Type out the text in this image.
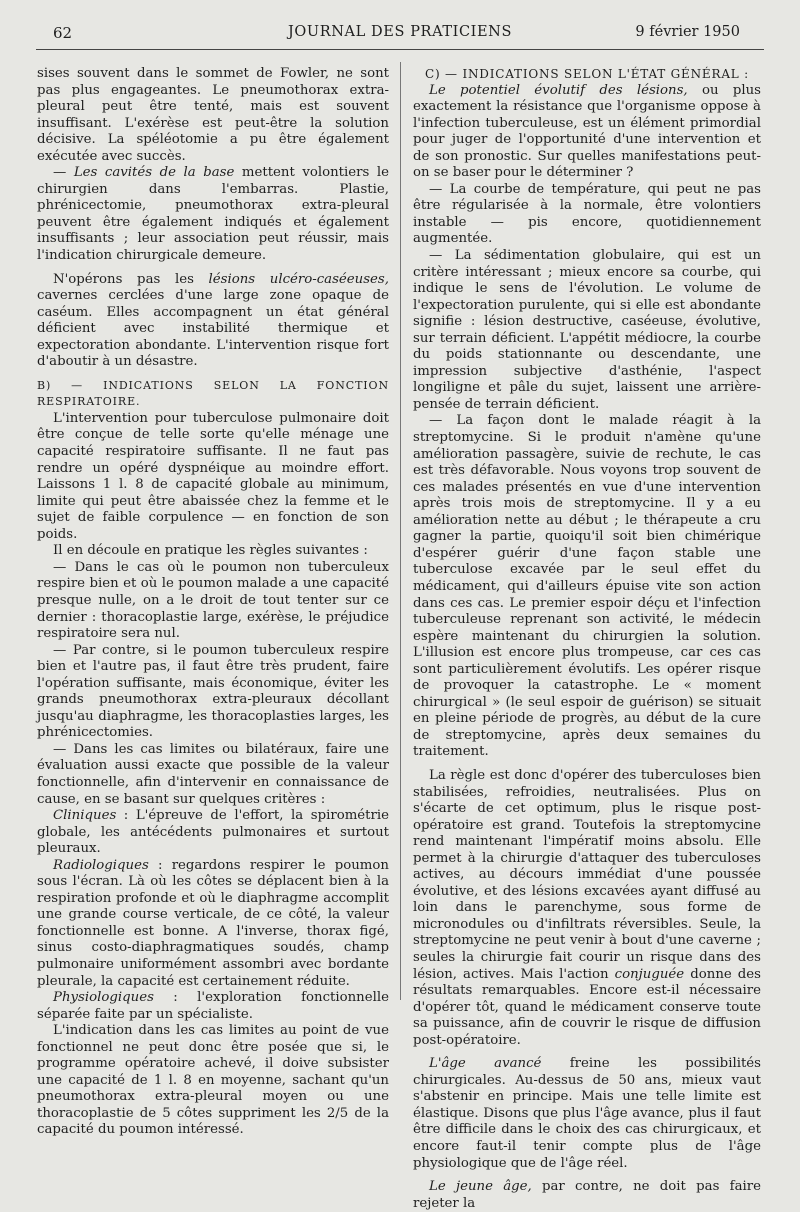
62	JOURNAL DES PRATICIENS	9 février 1950

sises souvent dans le sommet de Fowler, ne sont pas plus engageantes. Le pneumothorax extra-pleural peut être tenté, mais est souvent insuffisant. L'exérèse est peut-être la solution décisive. La spéléotomie a pu être également exécutée avec succès.

— Les cavités de la base mettent volontiers le chirurgien dans l'embarras. Plastie, phrénicectomie, pneumothorax extra-pleural peuvent être également indiqués et également insuffisants ; leur association peut réussir, mais l'indication chirurgicale demeure.

N'opérons pas les lésions ulcéro-caséeuses, cavernes cerclées d'une large zone opaque de caséum. Elles accompagnent un état général déficient avec instabilité thermique et expectoration abondante. L'intervention risque fort d'aboutir à un désastre.

B) — INDICATIONS SELON LA FONCTION RESPIRATOIRE.

L'intervention pour tuberculose pulmonaire doit être conçue de telle sorte qu'elle ménage une capacité respiratoire suffisante. Il ne faut pas rendre un opéré dyspnéique au moindre effort. Laissons 1 l. 8 de capacité globale au minimum, limite qui peut être abaissée chez la femme et le sujet de faible corpulence — en fonction de son poids.

Il en découle en pratique les règles suivantes :

— Dans le cas où le poumon non tuberculeux respire bien et où le poumon malade a une capacité presque nulle, on a le droit de tout tenter sur ce dernier : thoracoplastie large, exérèse, le préjudice respiratoire sera nul.

— Par contre, si le poumon tuberculeux respire bien et l'autre pas, il faut être très prudent, faire l'opération suffisante, mais économique, éviter les grands pneumothorax extra-pleuraux décollant jusqu'au diaphragme, les thoracoplasties larges, les phrénicectomies.

— Dans les cas limites ou bilatéraux, faire une évaluation aussi exacte que possible de la valeur fonctionnelle, afin d'intervenir en connaissance de cause, en se basant sur quelques critères :

Cliniques : L'épreuve de l'effort, la spirométrie globale, les antécédents pulmonaires et surtout pleuraux.

Radiologiques : regardons respirer le poumon sous l'écran. Là où les côtes se déplacent bien à la respiration profonde et où le diaphragme accomplit une grande course verticale, de ce côté, la valeur fonctionnelle est bonne. A l'inverse, thorax figé, sinus costo-diaphragmatiques soudés, champ pulmonaire uniformément assombri avec bordante pleurale, la capacité est certainement réduite.

Physiologiques : l'exploration fonctionnelle séparée faite par un spécialiste.

L'indication dans les cas limites au point de vue fonctionnel ne peut donc être posée que si, le programme opératoire achevé, il doive subsister une capacité de 1 l. 8 en moyenne, sachant qu'un pneumothorax extra-pleural moyen ou une thoracoplastie de 5 côtes suppriment les 2/5 de la capacité du poumon intéressé.

C) — INDICATIONS SELON L'ÉTAT GÉNÉRAL :

Le potentiel évolutif des lésions, ou plus exactement la résistance que l'organisme oppose à l'infection tuberculeuse, est un élément primordial pour juger de l'opportunité d'une intervention et de son pronostic. Sur quelles manifestations peut-on se baser pour le déterminer ?

— La courbe de température, qui peut ne pas être régularisée à la normale, être volontiers instable — pis encore, quotidiennement augmentée.

— La sédimentation globulaire, qui est un critère intéressant ; mieux encore sa courbe, qui indique le sens de l'évolution. Le volume de l'expectoration purulente, qui si elle est abondante signifie : lésion destructive, caséeuse, évolutive, sur terrain déficient. L'appétit médiocre, la courbe du poids stationnante ou descendante, une impression subjective d'asthénie, l'aspect longiligne et pâle du sujet, laissent une arrière-pensée de terrain déficient.

— La façon dont le malade réagit à la streptomycine. Si le produit n'amène qu'une amélioration passagère, suivie de rechute, le cas est très défavorable. Nous voyons trop souvent de ces malades présentés en vue d'une intervention après trois mois de streptomycine. Il y a eu amélioration nette au début ; le thérapeute a cru gagner la partie, quoiqu'il soit bien chimérique d'espérer guérir d'une façon stable une tuberculose excavée par le seul effet du médicament, qui d'ailleurs épuise vite son action dans ces cas. Le premier espoir déçu et l'infection tuberculeuse reprenant son activité, le médecin espère maintenant du chirurgien la solution. L'illusion est encore plus trompeuse, car ces cas sont particulièrement évolutifs. Les opérer risque de provoquer la catastrophe. Le « moment chirurgical » (le seul espoir de guérison) se situait en pleine période de progrès, au début de la cure de streptomycine, après deux semaines du traitement.

La règle est donc d'opérer des tuberculoses bien stabilisées, refroidies, neutralisées. Plus on s'écarte de cet optimum, plus le risque post-opératoire est grand. Toutefois la streptomycine rend maintenant l'impératif moins absolu. Elle permet à la chirurgie d'attaquer des tuberculoses actives, au décours immédiat d'une poussée évolutive, et des lésions excavées ayant diffusé au loin dans le parenchyme, sous forme de micronodules ou d'infiltrats réversibles. Seule, la streptomycine ne peut venir à bout d'une caverne ; seules la chirurgie fait courir un risque dans des lésion, actives. Mais l'action conjuguée donne des résultats remarquables. Encore est-il nécessaire d'opérer tôt, quand le médicament conserve toute sa puissance, afin de couvrir le risque de diffusion post-opératoire.

L'âge avancé freine les possibilités chirurgicales. Au-dessus de 50 ans, mieux vaut s'abstenir en principe. Mais une telle limite est élastique. Disons que plus l'âge avance, plus il faut être difficile dans le choix des cas chirurgicaux, et encore faut-il tenir compte plus de l'âge physiologique que de l'âge réel.

Le jeune âge, par contre, ne doit pas faire rejeter la
